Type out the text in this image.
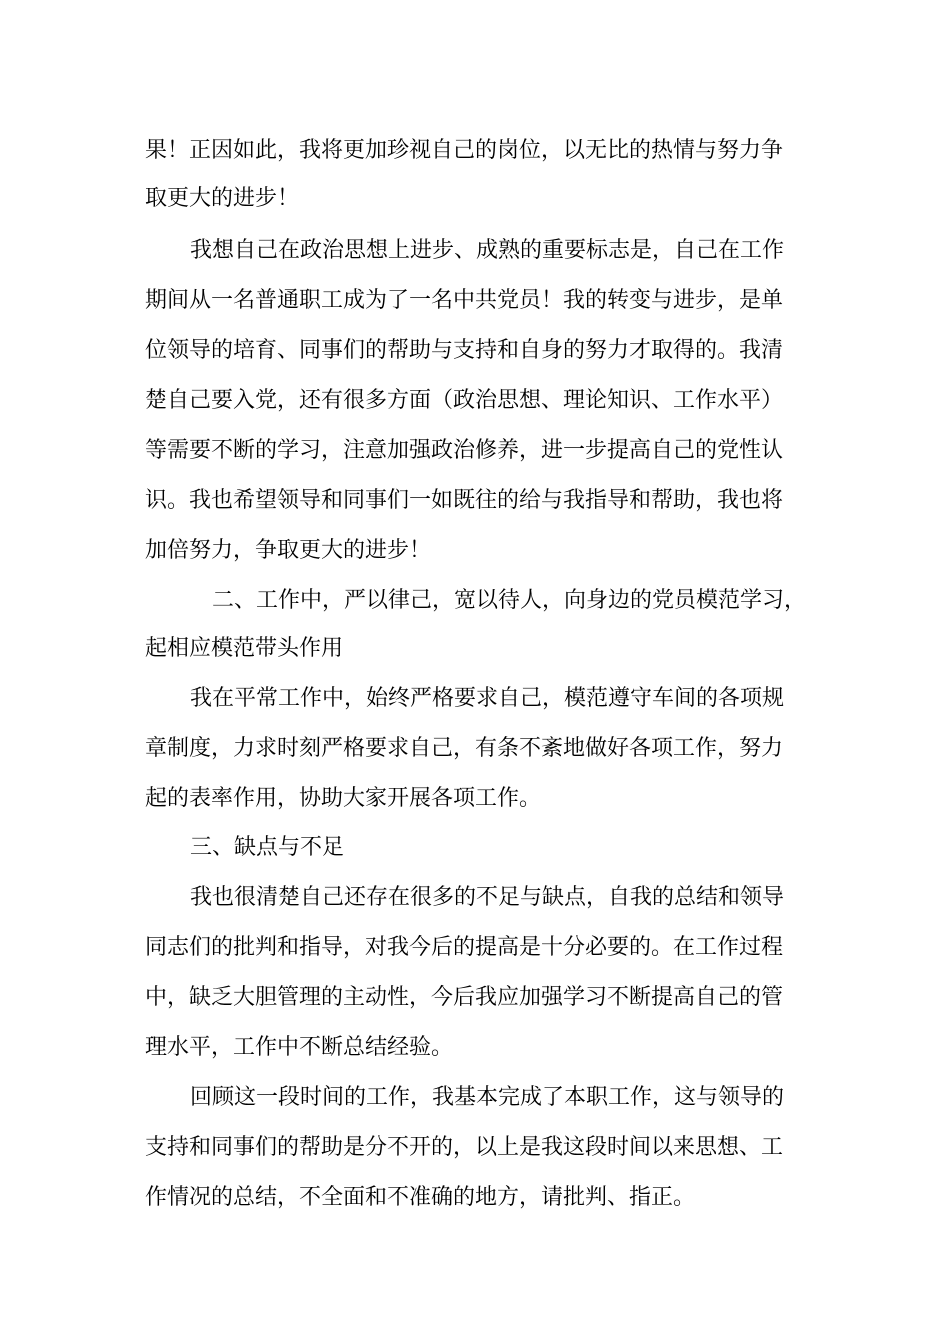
果！正因如此，我将更加珍视自己的岗位，以无比的热情与努力争
取更大的进步！
我想自己在政治思想上进步、成熟的重要标志是，自己在工作
期间从一名普通职工成为了一名中共党员！我的转变与进步，是单
位领导的培育、同事们的帮助与支持和自身的努力才取得的。我清
楚自己要入党，还有很多方面（政治思想、理论知识、工作水平）
等需要不断的学习，注意加强政治修养，进一步提高自己的党性认
识。我也希望领导和同事们一如既往的给与我指导和帮助，我也将
加倍努力，争取更大的进步！
二、工作中，严以律己，宽以待人，向身边的党员模范学习，
起相应模范带头作用
我在平常工作中，始终严格要求自己，模范遵守车间的各项规
章制度，力求时刻严格要求自己，有条不紊地做好各项工作，努力
起的表率作用，协助大家开展各项工作。
三、缺点与不足
我也很清楚自己还存在很多的不足与缺点，自我的总结和领导
同志们的批判和指导，对我今后的提高是十分必要的。在工作过程
中，缺乏大胆管理的主动性，今后我应加强学习不断提高自己的管
理水平，工作中不断总结经验。
回顾这一段时间的工作，我基本完成了本职工作，这与领导的
支持和同事们的帮助是分不开的，以上是我这段时间以来思想、工
作情况的总结，不全面和不准确的地方，请批判、指正。
